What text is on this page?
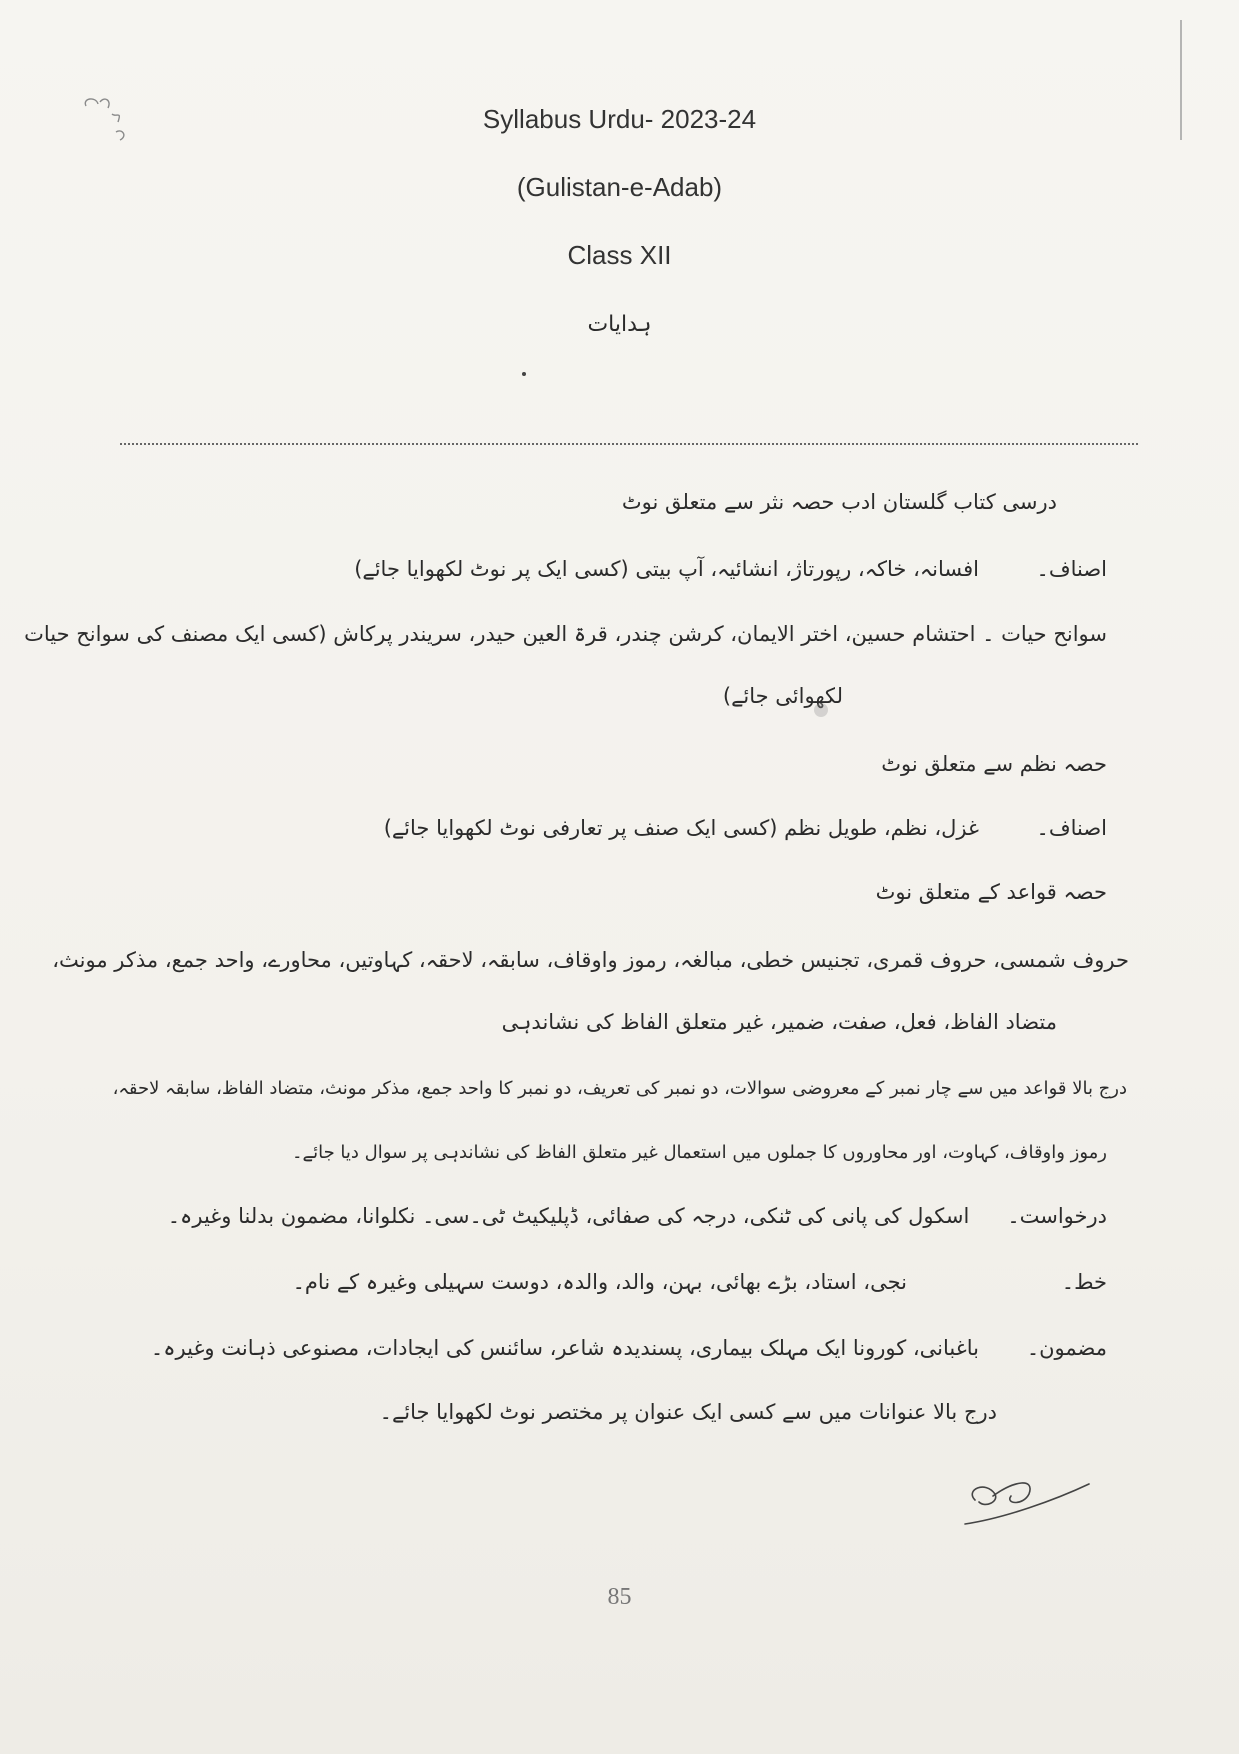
Syllabus Urdu- 2023-24
(Gulistan-e-Adab)
Class XII
ہدایات
درسی کتاب گلستان ادب حصہ نثر سے متعلق نوٹ
اصناف۔افسانہ، خاکہ، رپورتاژ، انشائیہ، آپ بیتی (کسی ایک پر نوٹ لکھوایا جائے)
سوانح حیات ۔ احتشام حسین، اختر الایمان، کرشن چندر، قرۃ العین حیدر، سریندر پرکاش (کسی ایک مصنف کی سوانح حیات
لکھوائی جائے)
حصہ نظم سے متعلق نوٹ
اصناف۔غزل، نظم، طویل نظم (کسی ایک صنف پر تعارفی نوٹ لکھوایا جائے)
حصہ قواعد کے متعلق نوٹ
حروف شمسی، حروف قمری، تجنیس خطی، مبالغہ، رموز واوقاف، سابقہ، لاحقہ، کہاوتیں، محاورے، واحد جمع، مذکر مونث،
متضاد الفاظ، فعل، صفت، ضمیر، غیر متعلق الفاظ کی نشاندہی
درج بالا قواعد میں سے چار نمبر کے معروضی سوالات، دو نمبر کی تعریف، دو نمبر کا واحد جمع، مذکر مونث، متضاد الفاظ، سابقہ لاحقہ،
رموز واوقاف، کہاوت، اور محاوروں کا جملوں میں استعمال غیر متعلق الفاظ کی نشاندہی پر سوال دیا جائے۔
درخواست۔اسکول کی پانی کی ٹنکی، درجہ کی صفائی، ڈپلیکیٹ ٹی۔سی۔ نکلوانا، مضمون بدلنا وغیرہ۔
خط۔نجی، استاد، بڑے بھائی، بہن، والد، والدہ، دوست سہیلی وغیرہ کے نام۔
مضمون۔باغبانی، کورونا ایک مہلک بیماری، پسندیدہ شاعر، سائنس کی ایجادات، مصنوعی ذہانت وغیرہ۔
درج بالا عنوانات میں سے کسی ایک عنوان پر مختصر نوٹ لکھوایا جائے۔
85
